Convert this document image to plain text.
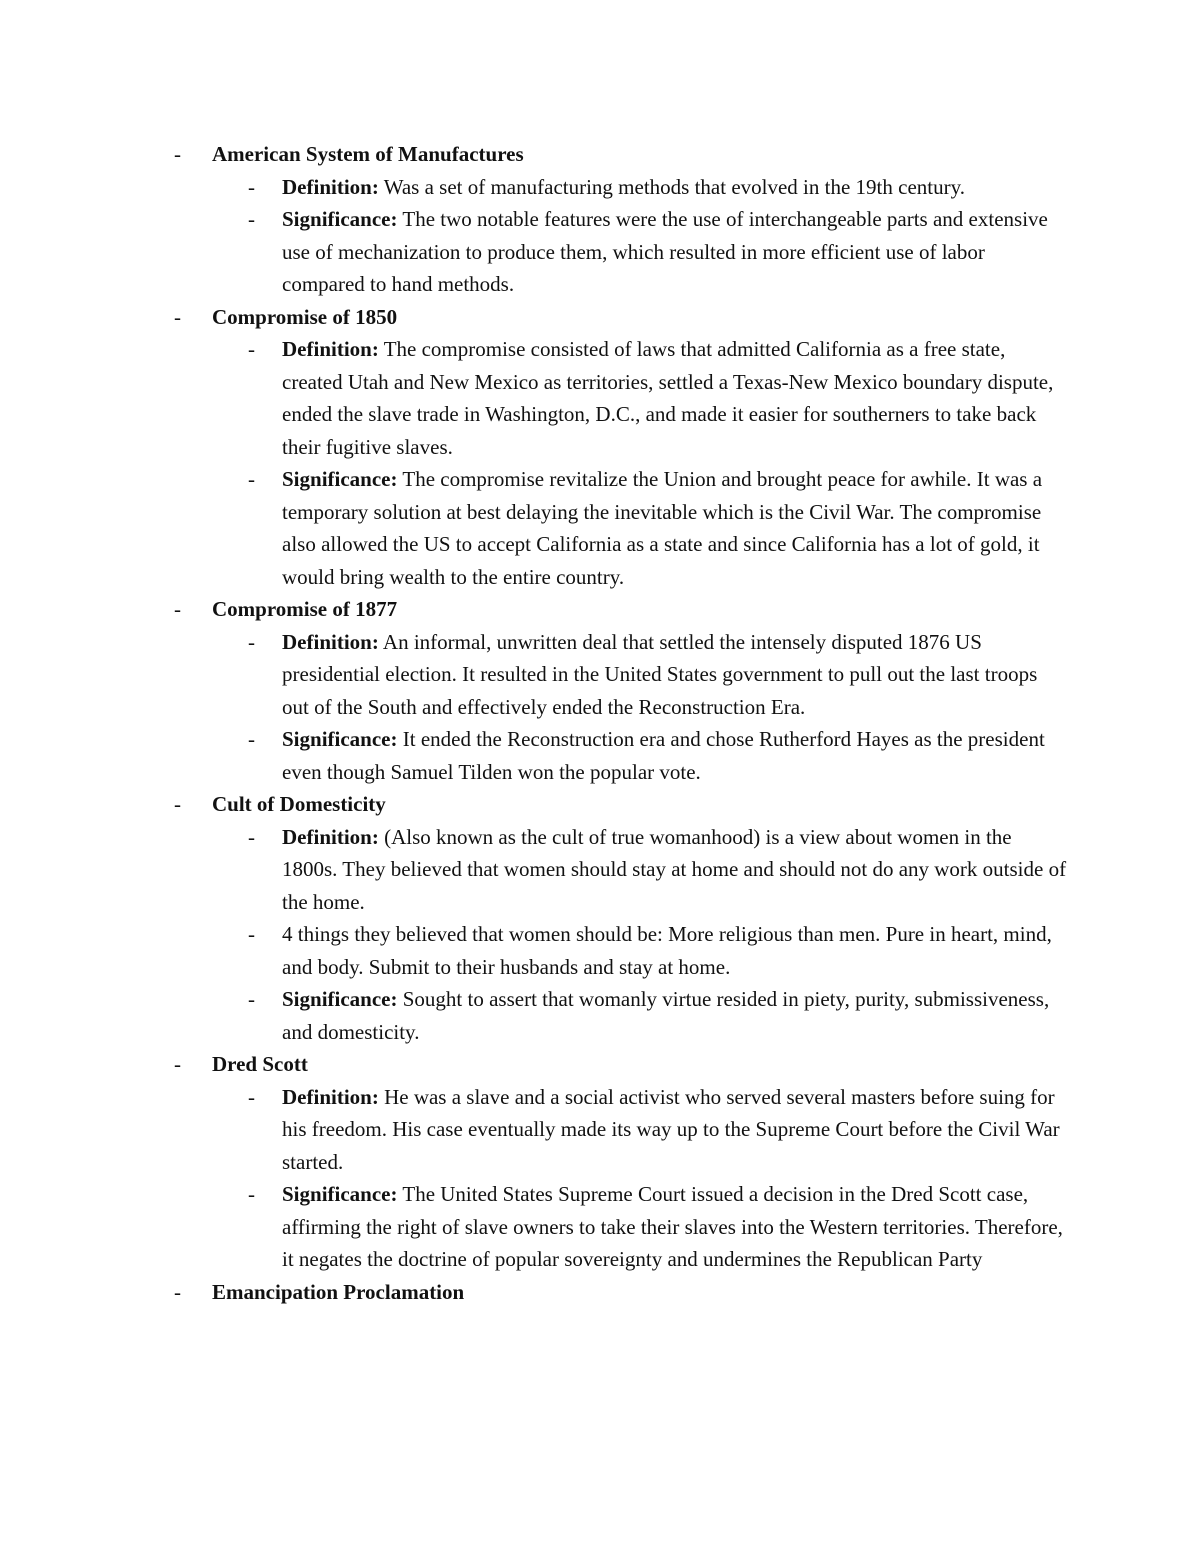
- American System of Manufactures

- Definition: Was a set of manufacturing methods that evolved in the 19th century.

- Significance: The two notable features were the use of interchangeable parts and extensive use of mechanization to produce them, which resulted in more efficient use of labor compared to hand methods.

- Compromise of 1850

- Definition: The compromise consisted of laws that admitted California as a free state, created Utah and New Mexico as territories, settled a Texas-New Mexico boundary dispute, ended the slave trade in Washington, D.C., and made it easier for southerners to take back their fugitive slaves.

- Significance: The compromise revitalize the Union and brought peace for awhile. It was a temporary solution at best delaying the inevitable which is the Civil War. The compromise also allowed the US to accept California as a state and since California has a lot of gold, it would bring wealth to the entire country.

- Compromise of 1877

- Definition: An informal, unwritten deal that settled the intensely disputed 1876 US presidential election. It resulted in the United States government to pull out the last troops out of the South and effectively ended the Reconstruction Era.

- Significance: It ended the Reconstruction era and chose Rutherford Hayes as the president even though Samuel Tilden won the popular vote.

- Cult of Domesticity

- Definition: (Also known as the cult of true womanhood) is a view about women in the 1800s. They believed that women should stay at home and should not do any work outside of the home.

- 4 things they believed that women should be: More religious than men. Pure in heart, mind, and body. Submit to their husbands and stay at home.

- Significance: Sought to assert that womanly virtue resided in piety, purity, submissiveness, and domesticity.

- Dred Scott

- Definition: He was a slave and a social activist who served several masters before suing for his freedom. His case eventually made its way up to the Supreme Court before the Civil War started.

- Significance: The United States Supreme Court issued a decision in the Dred Scott case, affirming the right of slave owners to take their slaves into the Western territories. Therefore, it negates the doctrine of popular sovereignty and undermines the Republican Party

- Emancipation Proclamation
